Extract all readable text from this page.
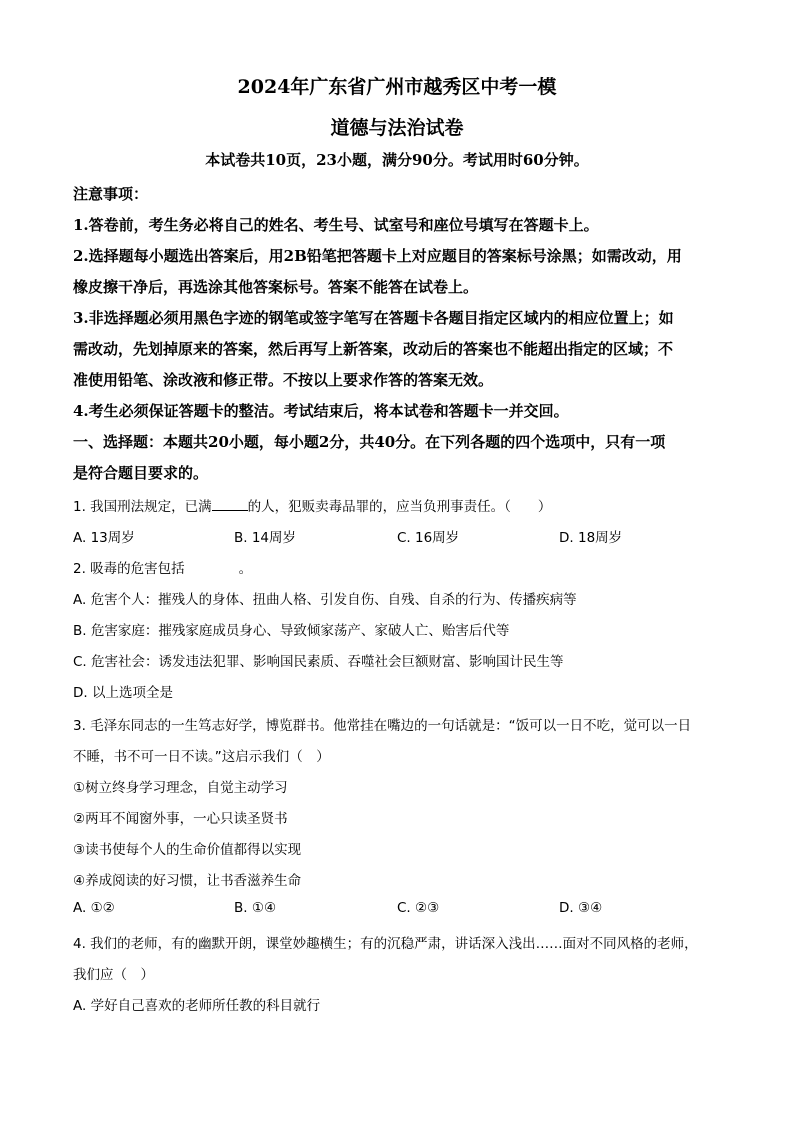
2024年广东省广州市越秀区中考一模
道德与法治试卷
本试卷共10页，23小题，满分90分。考试用时60分钟。
注意事项：
1.答卷前，考生务必将自己的姓名、考生号、试室号和座位号填写在答题卡上。
2.选择题每小题选出答案后，用2B铅笔把答题卡上对应题目的答案标号涂黑；如需改动，用
橡皮擦干净后，再选涂其他答案标号。答案不能答在试卷上。
3.非选择题必须用黑色字迹的钢笔或签字笔写在答题卡各题目指定区域内的相应位置上；如
需改动，先划掉原来的答案，然后再写上新答案，改动后的答案也不能超出指定的区域；不
准使用铅笔、涂改液和修正带。不按以上要求作答的答案无效。
4.考生必须保证答题卡的整洁。考试结束后，将本试卷和答题卡一并交回。
一、选择题：本题共20小题，每小题2分，共40分。在下列各题的四个选项中，只有一项
是符合题目要求的。
1. 我国刑法规定，已满	的人，犯贩卖毒品罪的，应当负刑事责任。（　　）
A. 13周岁	B. 14周岁	C. 16周岁	D. 18周岁
2. 吸毒的危害包括　　　　。
A. 危害个人：摧残人的身体、扭曲人格、引发自伤、自残、自杀的行为、传播疾病等
B. 危害家庭：摧残家庭成员身心、导致倾家荡产、家破人亡、贻害后代等
C. 危害社会：诱发违法犯罪、影响国民素质、吞噬社会巨额财富、影响国计民生等
D. 以上选项全是
3. 毛泽东同志的一生笃志好学，博览群书。他常挂在嘴边的一句话就是：“饭可以一日不吃，觉可以一日
不睡，书不可一日不读。”这启示我们（　）
①树立终身学习理念，自觉主动学习
②两耳不闻窗外事，一心只读圣贤书
③读书使每个人的生命价值都得以实现
④养成阅读的好习惯，让书香滋养生命
A. ①②	B. ①④	C. ②③	D. ③④
4. 我们的老师，有的幽默开朗，课堂妙趣横生；有的沉稳严肃，讲话深入浅出……面对不同风格的老师，
我们应（　）
A. 学好自己喜欢的老师所任教的科目就行
